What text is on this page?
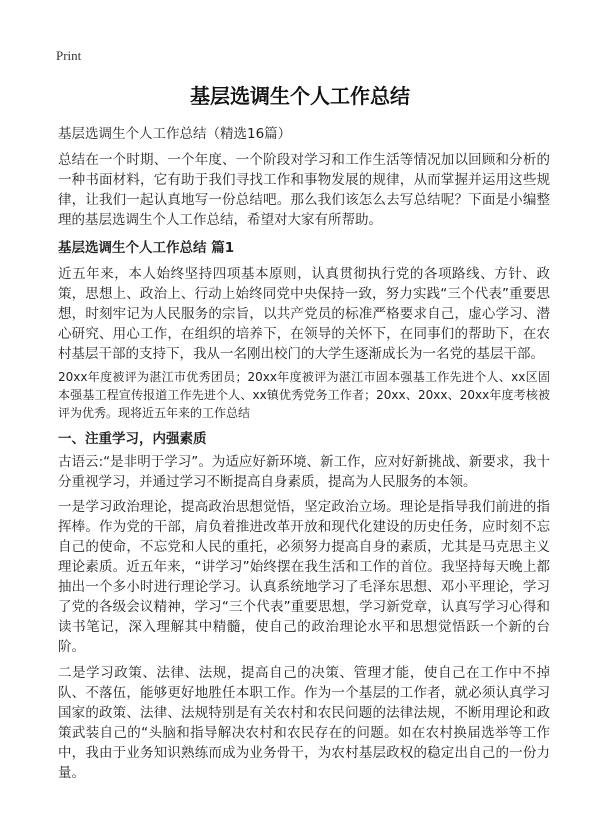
Print
基层选调生个人工作总结

基层选调生个人工作总结（精选16篇）

总结在一个时期、一个年度、一个阶段对学习和工作生活等情况加以回顾和分析的一种书面材料，它有助于我们寻找工作和事物发展的规律，从而掌握并运用这些规律，让我们一起认真地写一份总结吧。那么我们该怎么去写总结呢？下面是小编整理的基层选调生个人工作总结，希望对大家有所帮助。

基层选调生个人工作总结 篇1

近五年来，本人始终坚持四项基本原则，认真贯彻执行党的各项路线、方针、政策，思想上、政治上、行动上始终同党中央保持一致，努力实践“三个代表”重要思想，时刻牢记为人民服务的宗旨，以共产党员的标准严格要求自己，虚心学习、潜心研究、用心工作，在组织的培养下，在领导的关怀下，在同事们的帮助下，在农村基层干部的支持下，我从一名刚出校门的大学生逐渐成长为一名党的基层干部。

20xx年度被评为湛江市优秀团员；20xx年度被评为湛江市固本强基工作先进个人、xx区固本强基工程宣传报道工作先进个人、xx镇优秀党务工作者；20xx、20xx、20xx年度考核被评为优秀。现将近五年来的工作总结

一、注重学习，内强素质

古语云:“是非明于学习”。为适应好新环境、新工作，应对好新挑战、新要求，我十分重视学习，并通过学习不断提高自身素质，提高为人民服务的本领。

一是学习政治理论，提高政治思想觉悟，坚定政治立场。理论是指导我们前进的指挥棒。作为党的干部，肩负着推进改革开放和现代化建设的历史任务，应时刻不忘自己的使命，不忘党和人民的重托，必须努力提高自身的素质，尤其是马克思主义理论素质。近五年来，“讲学习”始终摆在我生活和工作的首位。我坚持每天晚上都抽出一个多小时进行理论学习。认真系统地学习了毛泽东思想、邓小平理论，学习了党的各级会议精神，学习“三个代表”重要思想，学习新党章，认真写学习心得和读书笔记，深入理解其中精髓，使自己的政治理论水平和思想觉悟跃一个新的台阶。

二是学习政策、法律、法规，提高自己的决策、管理才能，使自己在工作中不掉队、不落伍，能够更好地胜任本职工作。作为一个基层的工作者，就必须认真学习国家的政策、法律、法规特别是有关农村和农民问题的法律法规，不断用理论和政策武装自己的“头脑和指导解决农村和农民存在的问题。如在农村换届选举等工作中，我由于业务知识熟练而成为业务骨干，为农村基层政权的稳定出自己的一份力量。
